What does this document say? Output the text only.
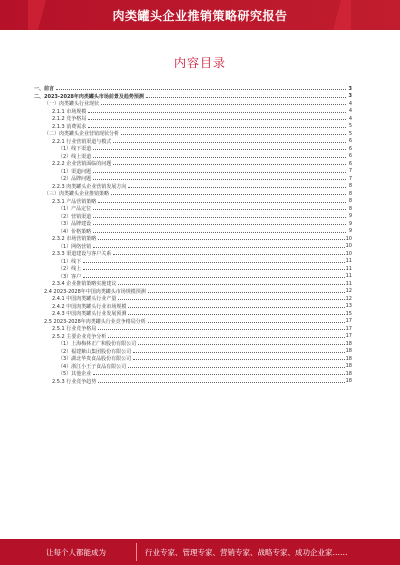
肉类罐头企业推销策略研究报告
内容目录
一、前言	3
二、2023-2028年肉类罐头市场前景及趋势预测	3
（一）肉类罐头行业现状	4
2.1.1 市场规模	4
2.1.2 竞争格局	4
2.1.3 消费需求	5
（二）肉类罐头企业营销现状分析	5
2.2.1 行业营销渠道与模式	6
（1）线下渠道	6
（2）线上渠道	6
2.2.2 企业营销面临的问题	6
（1）渠道问题	7
（2）品牌问题	7
2.2.3 肉类罐头企业营销发展方向	8
（三）肉类罐头企业推销策略	8
2.3.1 产品营销策略	8
（1）产品定位	8
（2）营销渠道	9
（3）品牌建设	9
（4）价格策略	9
2.3.2 市场营销策略	10
（1）网络营销	10
2.3.3 渠道建设与客户关系	10
（1）线下	11
（2）线上	11
（3）客户	11
2.3.4 企业推销策略实施建议	11
2.4 2023-2028年中国肉类罐头市场规模预测	12
2.4.1 中国肉类罐头行业产量	12
2.4.2 中国肉类罐头行业市场规模	13
2.4.3 中国肉类罐头行业发展预测	15
2.5 2023-2028年肉类罐头行业竞争格局分析	17
2.5.1 行业竞争格局	17
2.5.2 主要企业竞争分析	17
（1）上海梅林正广和股份有限公司	18
（2）福建紫山集团股份有限公司	18
（3）湖北华贵食品股份有限公司	18
（4）浙江小王子食品有限公司	18
（5）其他企业	18
2.5.3 行业竞争趋势	18
让每个人都能成为	行业专家、管理专家、营销专家、战略专家、成功企业家……
